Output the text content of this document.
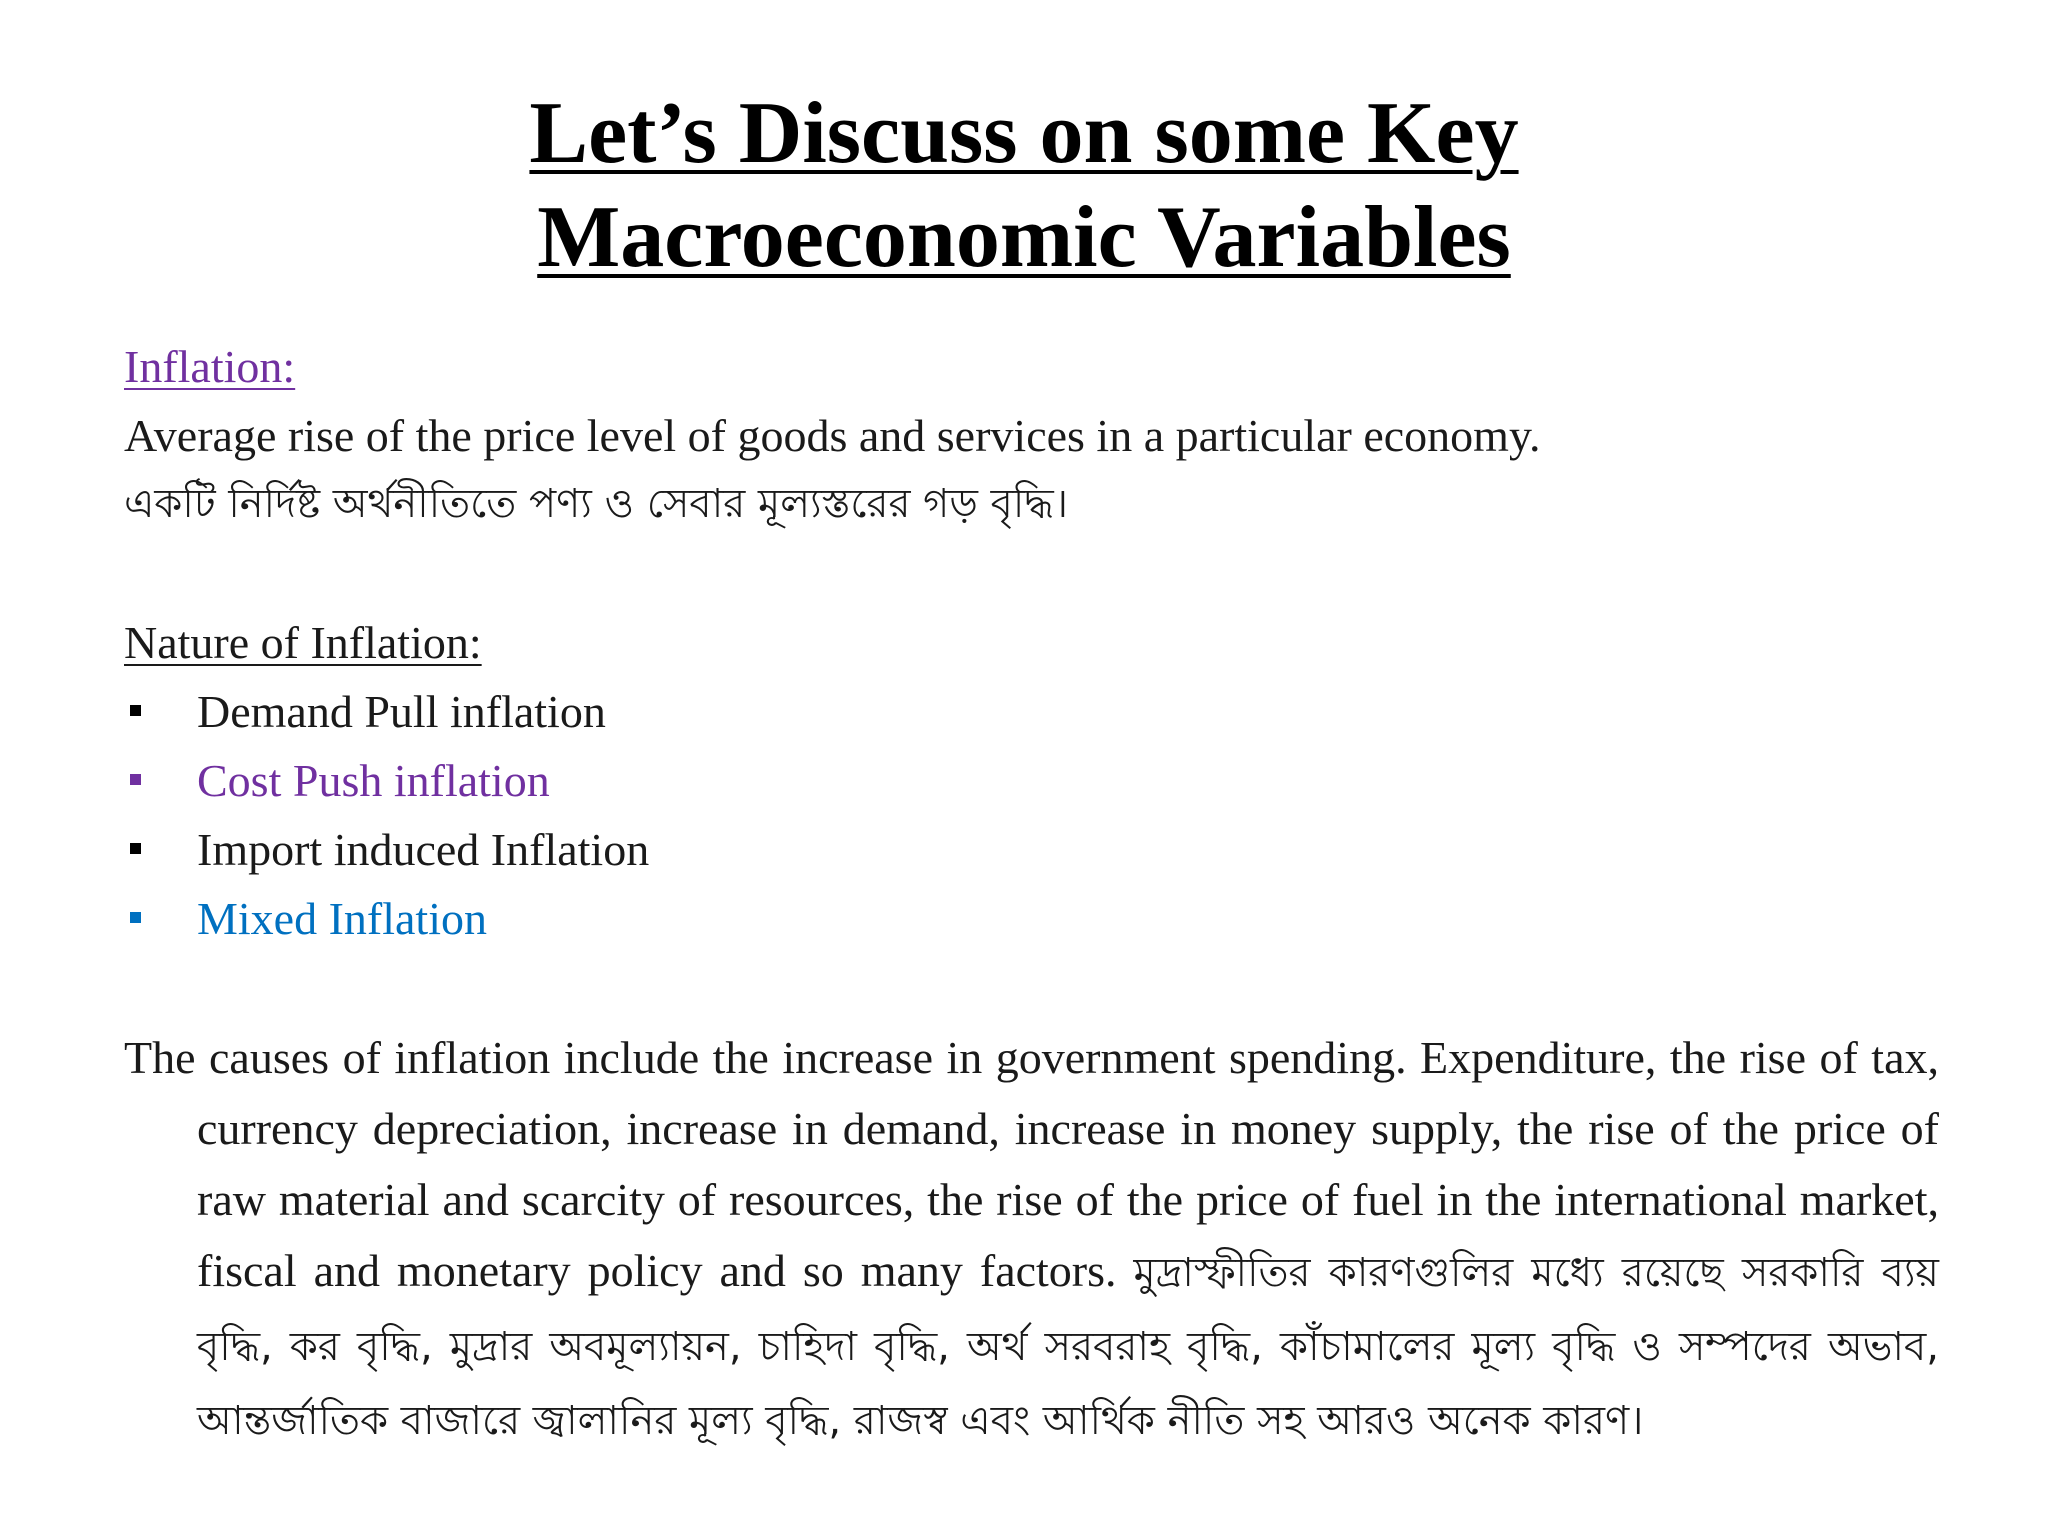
Let’s Discuss on some Key
Macroeconomic Variables
Inflation:
Average rise of the price level of goods and services in a particular economy.
একটি নির্দিষ্ট অর্থনীতিতে পণ্য ও সেবার মূল্যস্তরের গড় বৃদ্ধি।
Nature of Inflation:
Demand Pull inflation
Cost Push inflation
Import induced Inflation
Mixed Inflation
The causes of inflation include the increase in government spending. Expenditure, the rise of tax, currency depreciation, increase in demand, increase in money supply, the rise of the price of raw material and scarcity of resources, the rise of the price of fuel in the international market, fiscal and monetary policy and so many factors. মুদ্রাস্ফীতির কারণগুলির মধ্যে রয়েছে সরকারি ব্যয় বৃদ্ধি, কর বৃদ্ধি, মুদ্রার অবমূল্যায়ন, চাহিদা বৃদ্ধি, অর্থ সরবরাহ বৃদ্ধি, কাঁচামালের মূল্য বৃদ্ধি ও সম্পদের অভাব, আন্তর্জাতিক বাজারে জ্বালানির মূল্য বৃদ্ধি, রাজস্ব এবং আর্থিক নীতি সহ আরও অনেক কারণ।
